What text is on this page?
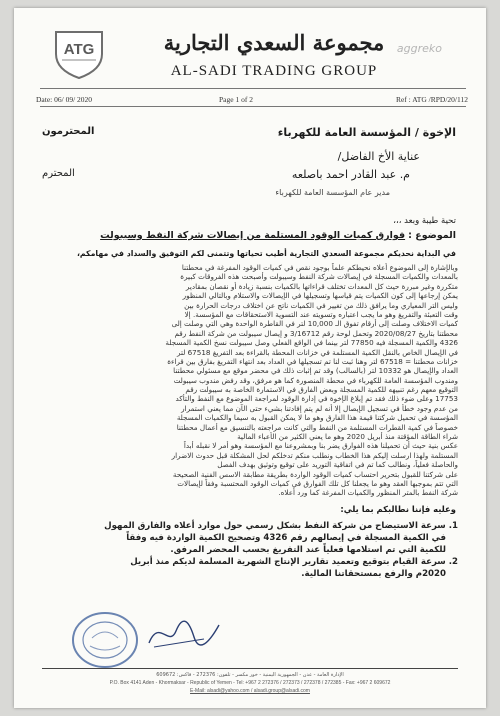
ATG	aggreko
مجموعة السعدي التجارية
AL-SADI TRADING GROUP
Date: 06/ 09/ 2020	Page 1 of 2	Ref : ATG /RPD/20/112
الإخوة / المؤسسة العامة للكهرباء
المحترمون
عناية الأخ الفاضل/
م. عبد القادر احمد باصلعه
المحترم
مدير عام المؤسسة العامة للكهرباء
تحية طيبة وبعد ،،،
الموضوع : فوارق كميات الوقود المستلمة من إيصالات شركة النفط وسيبولت
في البداية نحديكم مجموعة السعدي التجارية أطيب تحياتها وتتمنى لكم التوفيق والسداد في مهامكم،
وبالإشارة إلى الموضوع أعلاه نحيطكم علماً بوجود نقص في كميات الوقود المفرغة في محطتنا
بالمعدات والكميات المسجلة في إيصالات شركة النفط وسيبولت وأصبحت هذه الفروقات كبيرة
متكررة وغير مبررة حيث كل المعدات تختلف قراءاتها بالكميات بنسبة زيادة أو نقصان بمقادير
يمكن إرجاعها إلى كون الكميات يتم قياسها وتسجيلها في الإيصالات والاستلام وبالتالي المنظور
وليس التر المعياري وما يرافق ذلك من تغيير في الكميات ناتج عن اختلاف درجات الحرارة بين
وقت التعبئة والتفريغ وهو ما يجب اعتباره وتسويته عند التسوية الاستحقاقات مع المؤسسة. إلا
كميات الاختلاف وصلت إلى أرقام تفوق الـ 10,000 لتر في القاطرة الواحدة وهي التي وصلت إلى
محطتنا بتاريخ 2020/08/27 وتحمل لوحة رقم 3/16712 و إيصال سيبولت من شركة النفط رقم
4326 والكمية المسجلة فيه 77850 لتر بينما في الواقع الفعلي وصل سيبولت نسخ الكمية المسجلة
في الإيصال الخاص بالنقل الكمية المستلمة في خزانات المحطة بالقراءة بعد التفريغ 67518 لتر
خزانات محطتنا = 67518 لتر وهنا ثبت لنا تم تسجيلها في العداد بعد انتهاء التفريغ بفارق بين قراءة
العداد والإيصال هو 10332 لتر (بالسالب) وقد تم إثبات ذلك في محضر موقع مع مسئولي محطتنا
ومندوب المؤسسة العامة للكهرباء في محطة المنصورة كما هو مرفق، وقد رفض مندوب سيبولت
التوقيع معهم رغم تنبيهه للكمية المسجلة وبعض الفارق في الاستمارة الخاصة به سيبولت رقم
17753 وعلى ضوء ذلك فقد تم إبلاغ الإخوة في إدارة الوقود لمراجعة الموضوع مع النفط والتأكد
من عدم وجود خطأ في تسجيل الإيصال إلا أنه لم يتم إفادتنا بشيء حتى الآن مما يعني استمرار
المؤسسة في تحميل شركتنا قيمة هذا الفارق وهو ما لا يمكن القبول به سيما والكميات المسجلة
خصوصاً في كمية القطرات المستلمة من النفط والتي كانت مراجعته بالتنسيق مع أعمال محطتنا
شراء الطاقة المؤقتة منذ أبريل 2020 وهو ما يعني الكثير من الأعباء المالية
عكس بنية حيث أن تحميلنا هذه الفوارق يضر بنا وبمشروعنا مع المؤسسة وهو أمر لا نقبله أبداً
المستلمة ولهذا ارسلت إليكم هذا الخطاب ونطلب منكم تدخلكم لحل المشكلة قبل حدوث الاضرار
والحاصلة فعلياً، ونطالب كما تم في اتفاقية التوريد على توقيع وتوثيق بهدف الفصل
على شركتنا للقبول بتحرير احتساب كميات الوقود الواردة بطريقة مطابقة الاسس الفنية الصحيحة
التي تتم بموجبها العقد وهو ما يجعلنا كل تلك الفوارق في كميات الوقود المحتسبة وفقاً لإيصالات
شركة النفط بالمتر المنظور والكميات المفرغة كما ورد أعلاه.
وعليه فإننا نطالبكم بما يلي:
1. سرعة الاستيضاح من شركة النفط بشكل رسمي حول موارد أعلاه والفارق المهول
في الكمية المسجلة في إيصالهم رقم 4326 وتصحيح الكمية الواردة فيه وفقاً
للكمية التي تم استلامها فعلياً عند التفريغ بحسب المحضر المرفق.
2. سرعة القيام بتوقيع وتعميد تقارير الإنتاج الشهرية المسلمة لديكم منذ أبريل
2020م والرفع بمستحقاتنا المالية.
الإدارة العامة - عدن - الجمهورية اليمنية - خور مكسر - تلفون: 272376 - فاكس: 609672
P.O. Box 4141 Aden - Khormaksar - Republic of Yemen - Tel: +967 2 272376 / 272373 / 272378 / 272385 - Fax: +967 2 609672
E-Mail: alsadi@yahoo.com / alsadi.group@alsadi.com
